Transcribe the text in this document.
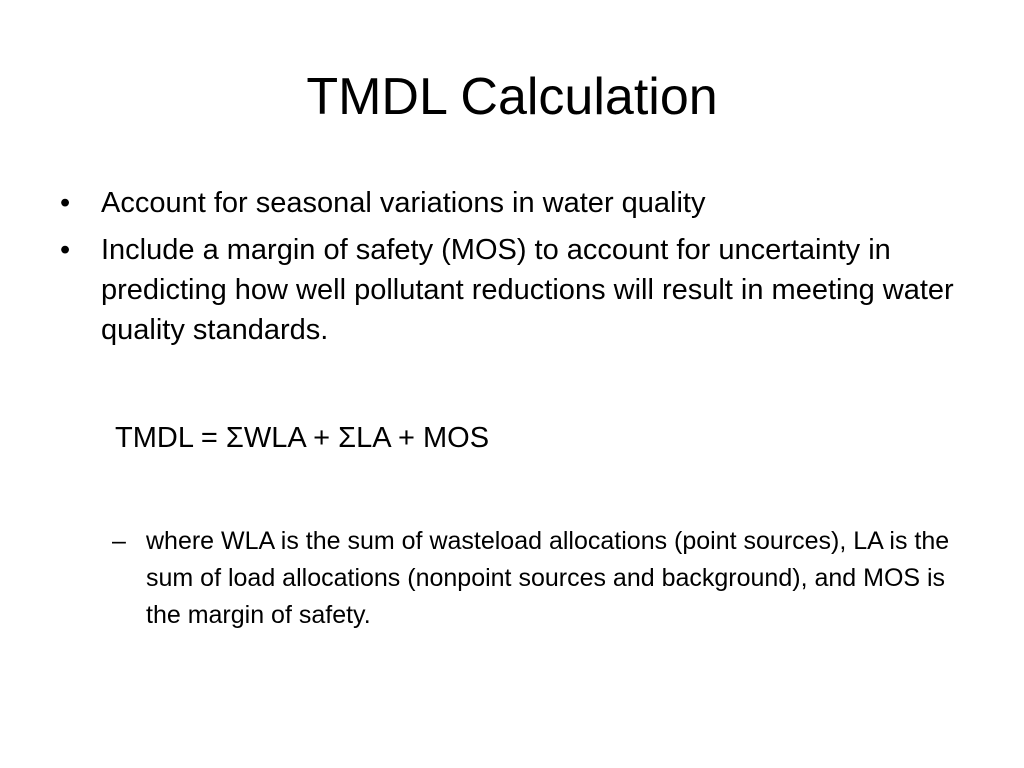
TMDL Calculation
• Account for seasonal variations in water quality
• Include a margin of safety (MOS) to account for uncertainty in predicting how well pollutant reductions will result in meeting water quality standards.
TMDL = ΣWLA + ΣLA + MOS
– where WLA is the sum of wasteload allocations (point sources), LA is the sum of load allocations (nonpoint sources and background), and MOS is the margin of safety.
